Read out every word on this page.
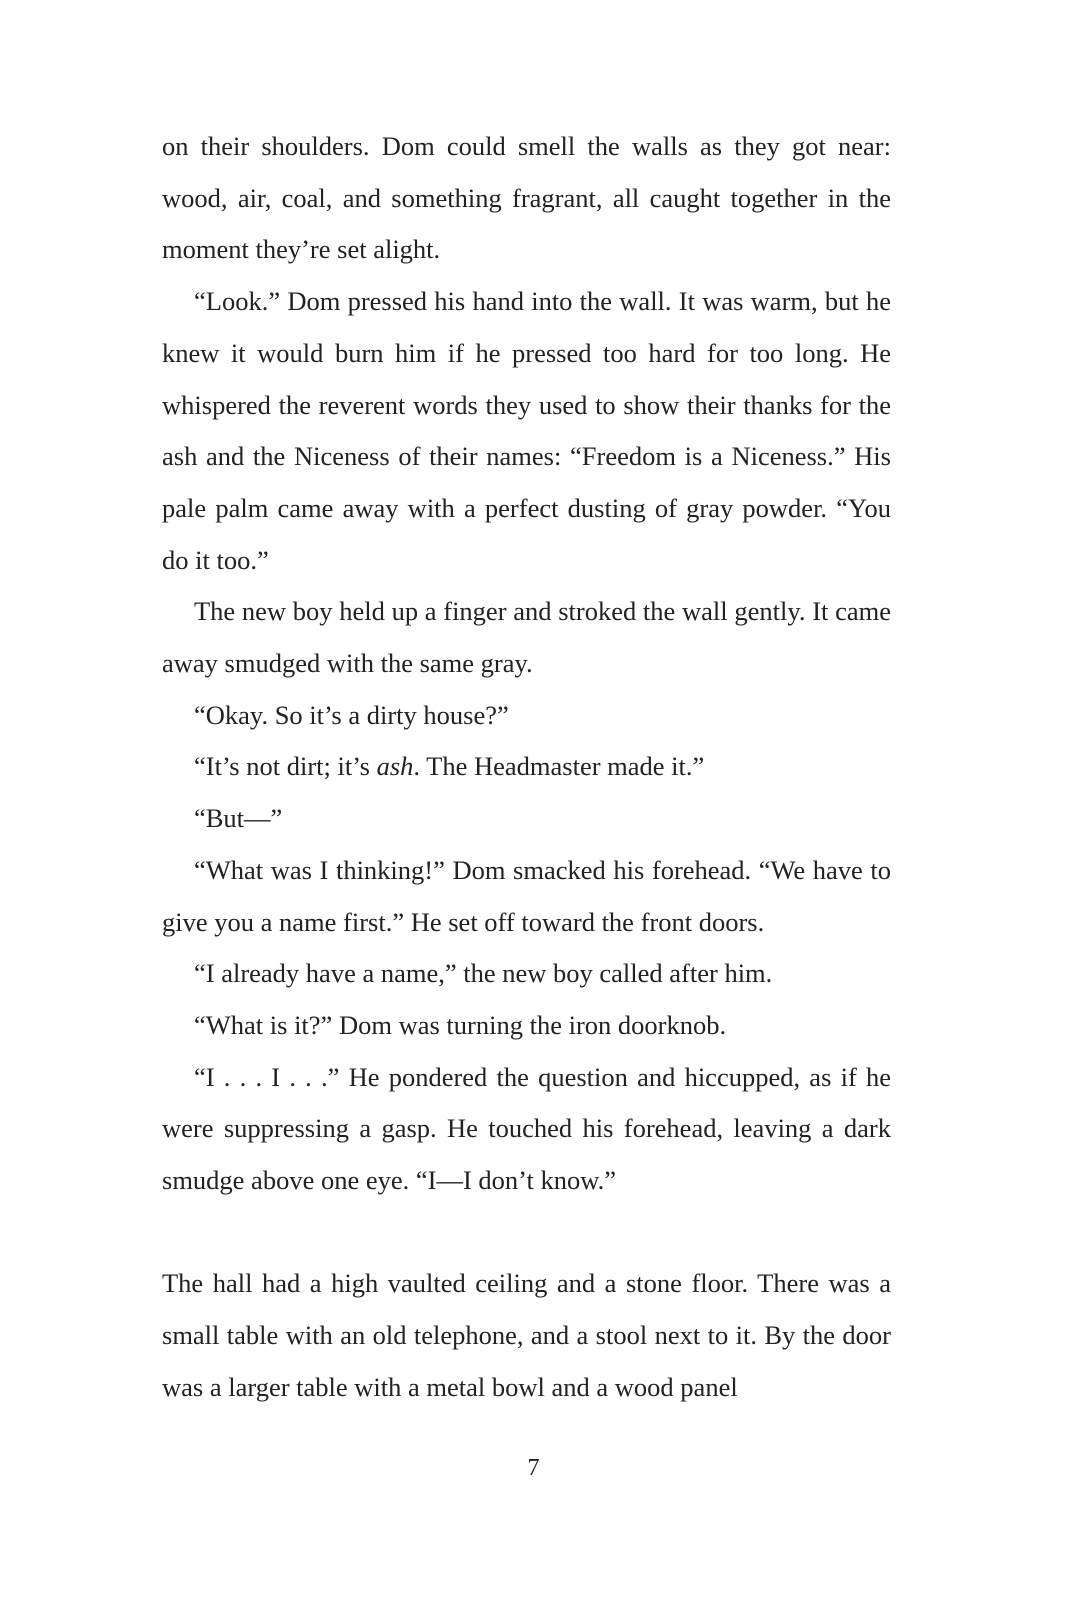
on their shoulders. Dom could smell the walls as they got near: wood, air, coal, and something fragrant, all caught together in the moment they’re set alight.

“Look.” Dom pressed his hand into the wall. It was warm, but he knew it would burn him if he pressed too hard for too long. He whispered the reverent words they used to show their thanks for the ash and the Niceness of their names: “Freedom is a Niceness.” His pale palm came away with a perfect dusting of gray powder. “You do it too.”

The new boy held up a finger and stroked the wall gently. It came away smudged with the same gray.

“Okay. So it’s a dirty house?”

“It’s not dirt; it’s ash. The Headmaster made it.”

“But—”

“What was I thinking!” Dom smacked his forehead. “We have to give you a name first.” He set off toward the front doors.

“I already have a name,” the new boy called after him.

“What is it?” Dom was turning the iron doorknob.

“I . . . I . . .” He pondered the question and hiccupped, as if he were suppressing a gasp. He touched his forehead, leaving a dark smudge above one eye. “I—I don’t know.”

The hall had a high vaulted ceiling and a stone floor. There was a small table with an old telephone, and a stool next to it. By the door was a larger table with a metal bowl and a wood panel

7
